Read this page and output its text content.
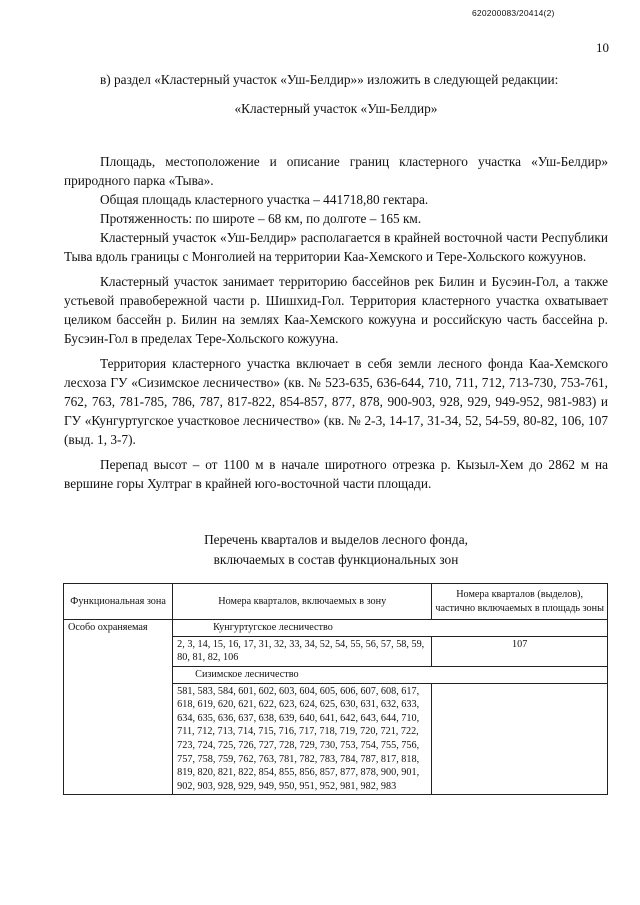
620200083/20414(2)
10

в) раздел «Кластерный участок «Уш-Белдир»» изложить в следующей редакции:

«Кластерный участок «Уш-Белдир»

Площадь, местоположение и описание границ кластерного участка «Уш-Белдир» природного парка «Тыва».

Общая площадь кластерного участка – 441718,80 гектара.

Протяженность: по широте – 68 км, по долготе – 165 км.

Кластерный участок «Уш-Белдир» располагается в крайней восточной части Республики Тыва вдоль границы с Монголией на территории Каа-Хемского и Тере-Хольского кожуунов.

Кластерный участок занимает территорию бассейнов рек Билин и Бусэин-Гол, а также устьевой правобережной части р. Шишхид-Гол. Территория кластерного участка охватывает целиком бассейн р. Билин на землях Каа-Хемского кожууна и российскую часть бассейна р. Бусэин-Гол в пределах Тере-Хольского кожууна.

Территория кластерного участка включает в себя земли лесного фонда Каа-Хемского лесхоза ГУ «Сизимское лесничество» (кв. № 523-635, 636-644, 710, 711, 712, 713-730, 753-761, 762, 763, 781-785, 786, 787, 817-822, 854-857, 877, 878, 900-903, 928, 929, 949-952, 981-983) и ГУ «Кунгуртугское участковое лесничество» (кв. № 2-3, 14-17, 31-34, 52, 54-59, 80-82, 106, 107 (выд. 1, 3-7).

Перепад высот – от 1100 м в начале широтного отрезка р. Кызыл-Хем до 2862 м на вершине горы Хултраг в крайней юго-восточной части площади.

Перечень кварталов и выделов лесного фонда,
включаемых в состав функциональных зон
Функциональная зона	Номера кварталов, включаемых в зону	Номера кварталов (выделов), частично включаемых в площадь зоны
Особо охраняемая	Кунгуртугское лесничество	
	2, 3, 14, 15, 16, 17, 31, 32, 33, 34, 52, 54, 55, 56, 57, 58, 59, 80, 81, 82, 106	107
	Сизимское лесничество	
	581, 583, 584, 601, 602, 603, 604, 605, 606, 607, 608, 617, 618, 619, 620, 621, 622, 623, 624, 625, 630, 631, 632, 633, 634, 635, 636, 637, 638, 639, 640, 641, 642, 643, 644, 710, 711, 712, 713, 714, 715, 716, 717, 718, 719, 720, 721, 722, 723, 724, 725, 726, 727, 728, 729, 730, 753, 754, 755, 756, 757, 758, 759, 762, 763, 781, 782, 783, 784, 787, 817, 818, 819, 820, 821, 822, 854, 855, 856, 857, 877, 878, 900, 901, 902, 903, 928, 929, 949, 950, 951, 952, 981, 982, 983	
